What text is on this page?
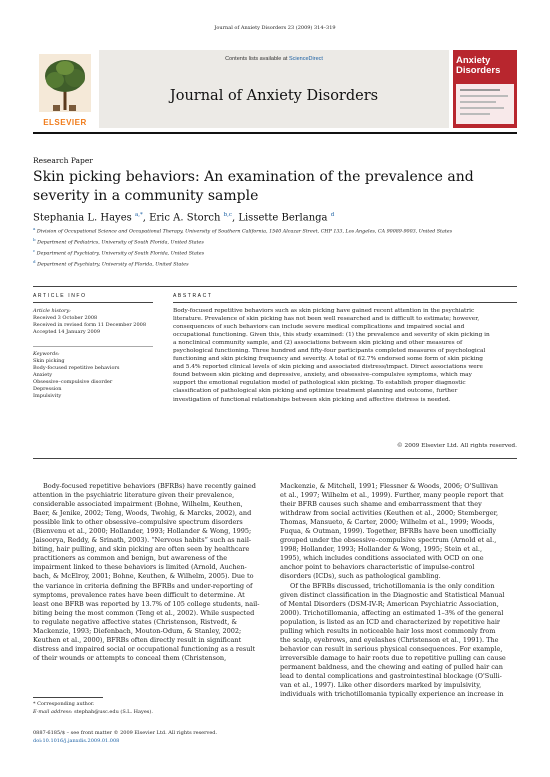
Journal of Anxiety Disorders 23 (2009) 314–319
ELSEVIER
Contents lists available at ScienceDirect
Journal of Anxiety Disorders
Anxiety
Disorders
Research Paper
Skin picking behaviors: An examination of the prevalence and severity in a community sample
Stephania L. Hayes $^{a,*}$, Eric A. Storch $^{b,c}$, Lissette Berlanga $^d$
$^a$ Division of Occupational Science and Occupational Therapy, University of Southern California, 1540 Alcazar Street, CHP 133, Los Angeles, CA 90089-9003, United States
$^b$ Department of Pediatrics, University of South Florida, United States
$^c$ Department of Psychiatry, University of South Florida, United States
$^d$ Department of Psychiatry, University of Florida, United States
ARTICLE INFO	ABSTRACT
Article history:
Received 3 October 2008
Received in revised form 11 December 2008
Accepted 14 January 2009
Keywords:
Skin picking
Body-focused repetitive behaviors
Anxiety
Obsessive–compulsive disorder
Depression
Impulsivity
Body-focused repetitive behaviors such as skin picking have gained recent attention in the psychiatric
literature. Prevalence of skin picking has not been well researched and is difficult to estimate; however,
consequences of such behaviors can include severe medical complications and impaired social and
occupational functioning. Given this, this study examined: (1) the prevalence and severity of skin picking in
a nonclinical community sample, and (2) associations between skin picking and other measures of
psychological functioning. Three hundred and fifty-four participants completed measures of psychological
functioning and skin picking frequency and severity. A total of 62.7% endorsed some form of skin picking
and 5.4% reported clinical levels of skin picking and associated distress/impact. Direct associations were
found between skin picking and depressive, anxiety, and obsessive–compulsive symptoms, which may
support the emotional regulation model of pathological skin picking. To establish proper diagnostic
classification of pathological skin picking and optimize treatment planning and outcome, further
investigation of functional relationships between skin picking and affective distress is needed.
© 2009 Elsevier Ltd. All rights reserved.
Body-focused repetitive behaviors (BFRBs) have recently gained
attention in the psychiatric literature given their prevalence,
considerable associated impairment (Bohne, Wilhelm, Keuthen,
Baer, & Jenike, 2002; Teng, Woods, Twohig, & Marcks, 2002), and
possible link to other obsessive–compulsive spectrum disorders
(Bienvenu et al., 2000; Hollander, 1993; Hollander & Wong, 1995;
Jaisoorya, Reddy, & Srinath, 2003). “Nervous habits” such as nail-
biting, hair pulling, and skin picking are often seen by healthcare
practitioners as common and benign, but awareness of the
impairment linked to these behaviors is limited (Arnold, Auchen-
bach, & McElroy, 2001; Bohne, Keuthen, & Wilhelm, 2005). Due to
the variance in criteria defining the BFRBs and under-reporting of
symptoms, prevalence rates have been difficult to determine. At
least one BFRB was reported by 13.7% of 105 college students, nail-
biting being the most common (Teng et al., 2002). While suspected
to regulate negative affective states (Christenson, Ristvedt, &
Mackenzie, 1993; Diefenbach, Mouton-Odum, & Stanley, 2002;
Keuthen et al., 2000), BFRBs often directly result in significant
distress and impaired social or occupational functioning as a result
of their wounds or attempts to conceal them (Christenson,
Mackenzie, & Mitchell, 1991; Flessner & Woods, 2006; O'Sullivan
et al., 1997; Wilhelm et al., 1999). Further, many people report that
their BFRB causes such shame and embarrassment that they
withdraw from social activities (Keuthen et al., 2000; Stemberger,
Thomas, Mansueto, & Carter, 2000; Wilhelm et al., 1999; Woods,
Fuqua, & Outman, 1999). Together, BFRBs have been unofficially
grouped under the obsessive–compulsive spectrum (Arnold et al.,
1998; Hollander, 1993; Hollander & Wong, 1995; Stein et al.,
1995), which includes conditions associated with OCD on one
anchor point to behaviors characteristic of impulse-control
disorders (ICDs), such as pathological gambling.
Of the BFRBs discussed, trichotillomania is the only condition
given distinct classification in the Diagnostic and Statistical Manual
of Mental Disorders (DSM-IV-R; American Psychiatric Association,
2000). Trichotillomania, affecting an estimated 1–3% of the general
population, is listed as an ICD and characterized by repetitive hair
pulling which results in noticeable hair loss most commonly from
the scalp, eyebrows, and eyelashes (Christenson et al., 1991). The
behavior can result in serious physical consequences. For example,
irreversible damage to hair roots due to repetitive pulling can cause
permanent baldness, and the chewing and eating of pulled hair can
lead to dental complications and gastrointestinal blockage (O'Sulli-
van et al., 1997). Like other disorders marked by impulsivity,
individuals with trichotillomania typically experience an increase in
* Corresponding author.
E-mail address: stephah@usc.edu (S.L. Hayes).
0887-6185/$ – see front matter © 2009 Elsevier Ltd. All rights reserved.
doi:10.1016/j.janxdis.2009.01.008
